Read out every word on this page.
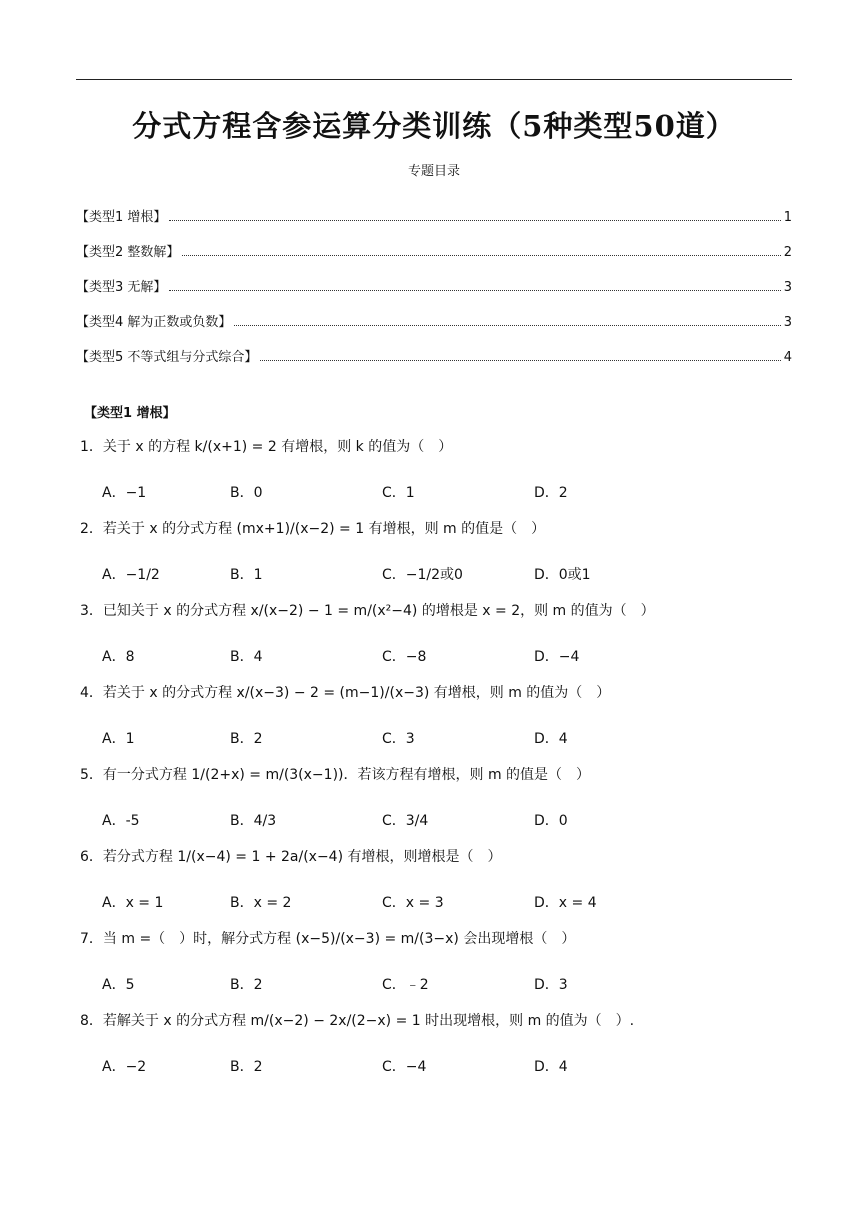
分式方程含参运算分类训练（5种类型50道）
专题目录
【类型1 增根】	1
【类型2 整数解】	2
【类型3 无解】	3
【类型4 解为正数或负数】	3
【类型5 不等式组与分式综合】	4
【类型1 增根】
1．关于 x 的方程 k/(x+1) = 2 有增根，则 k 的值为（　）
A．−1	B．0	C．1	D．2
2．若关于 x 的分式方程 (mx+1)/(x−2) = 1 有增根，则 m 的值是（　）
A．−1/2	B．1	C．−1/2或0	D．0或1
3．已知关于 x 的分式方程 x/(x−2) − 1 = m/(x²−4) 的增根是 x = 2，则 m 的值为（　）
A．8	B．4	C．−8	D．−4
4．若关于 x 的分式方程 x/(x−3) − 2 = (m−1)/(x−3) 有增根，则 m 的值为（　）
A．1	B．2	C．3	D．4
5．有一分式方程 1/(2+x) = m/(3(x−1))．若该方程有增根，则 m 的值是（　）
A．-5	B．4/3	C．3/4	D．0
6．若分式方程 1/(x−4) = 1 + 2a/(x−4) 有增根，则增根是（　）
A．x = 1	B．x = 2	C．x = 3	D．x = 4
7．当 m =（　）时，解分式方程 (x−5)/(x−3) = m/(3−x) 会出现增根（　）
A．5	B．2	C．﹣2	D．3
8．若解关于 x 的分式方程 m/(x−2) − 2x/(2−x) = 1 时出现增根，则 m 的值为（　）.
A．−2	B．2	C．−4	D．4
